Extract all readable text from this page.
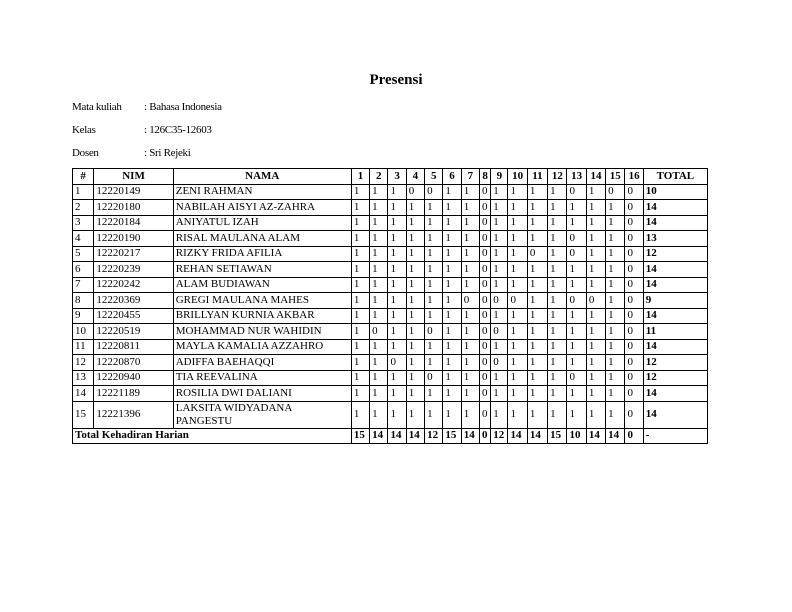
Presensi
Mata kuliah : Bahasa Indonesia
Kelas	: 126C35-12603
Dosen	: Sri Rejeki
#	NIM	NAMA	1	2	3	4	5	6	7	8	9	10	11	12	13	14	15	16	TOTAL
1	12220149	ZENI RAHMAN	1	1	1	0	0	1	1	0	1	1	1	1	0	1	0	0	10
2	12220180	NABILAH AISYI AZ-ZAHRA	1	1	1	1	1	1	1	0	1	1	1	1	1	1	1	0	14
3	12220184	ANIYATUL IZAH	1	1	1	1	1	1	1	0	1	1	1	1	1	1	1	0	14
4	12220190	RISAL MAULANA ALAM	1	1	1	1	1	1	1	0	1	1	1	1	0	1	1	0	13
5	12220217	RIZKY FRIDA AFILIA	1	1	1	1	1	1	1	0	1	1	0	1	0	1	1	0	12
6	12220239	REHAN SETIAWAN	1	1	1	1	1	1	1	0	1	1	1	1	1	1	1	0	14
7	12220242	ALAM BUDIAWAN	1	1	1	1	1	1	1	0	1	1	1	1	1	1	1	0	14
8	12220369	GREGI MAULANA MAHES	1	1	1	1	1	1	0	0	0	0	1	1	0	0	1	0	9
9	12220455	BRILLYAN KURNIA AKBAR	1	1	1	1	1	1	1	0	1	1	1	1	1	1	1	0	14
10	12220519	MOHAMMAD NUR WAHIDIN	1	0	1	1	0	1	1	0	0	1	1	1	1	1	1	0	11
11	12220811	MAYLA KAMALIA AZZAHRO	1	1	1	1	1	1	1	0	1	1	1	1	1	1	1	0	14
12	12220870	ADIFFA BAEHAQQI	1	1	0	1	1	1	1	0	0	1	1	1	1	1	1	0	12
13	12220940	TIA REEVALINA	1	1	1	1	0	1	1	0	1	1	1	1	0	1	1	0	12
14	12221189	ROSILIA DWI DALIANI	1	1	1	1	1	1	1	0	1	1	1	1	1	1	1	0	14
15	12221396	LAKSITA WIDYADANA PANGESTU	1	1	1	1	1	1	1	0	1	1	1	1	1	1	1	0	14
Total Kehadiran Harian			15	14	14	14	12	15	14	0	12	14	14	15	10	14	14	0	-
